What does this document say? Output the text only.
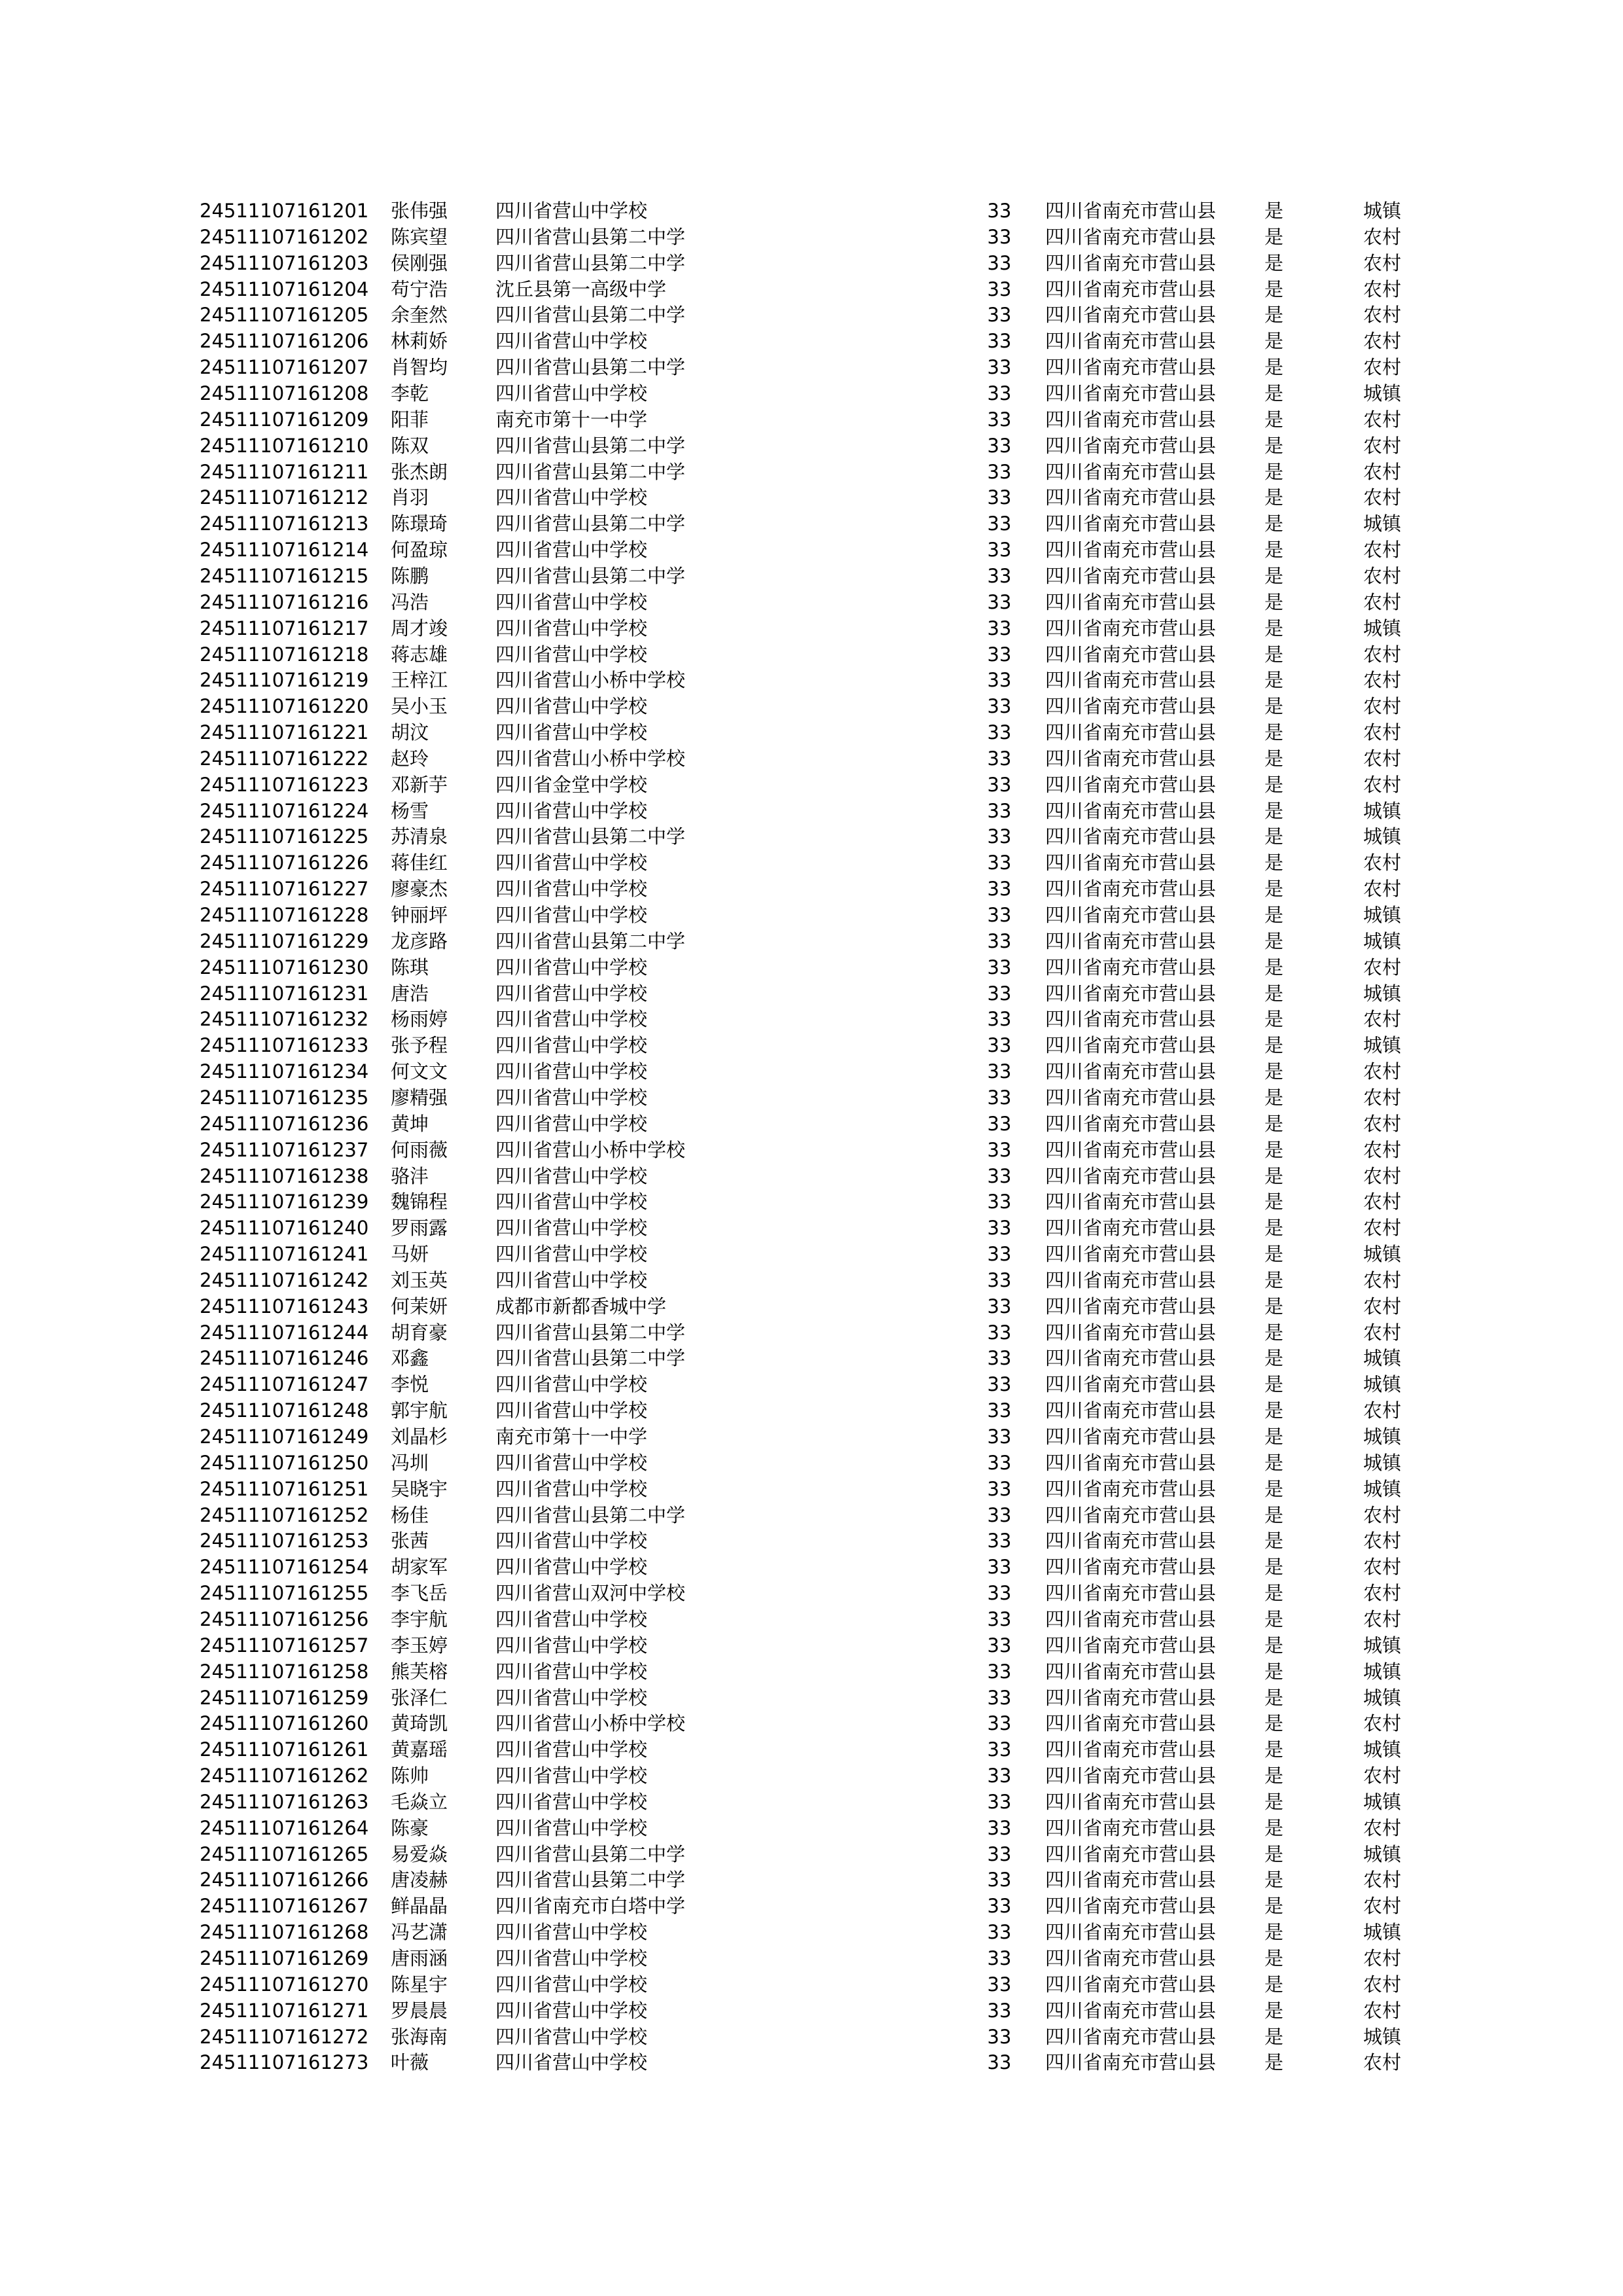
24511107161201 张伟强	四川省营山中学校	33	四川省南充市营山县	是	城镇
24511107161202 陈宾望	四川省营山县第二中学	33	四川省南充市营山县	是	农村
24511107161203 侯刚强	四川省营山县第二中学	33	四川省南充市营山县	是	农村
24511107161204 苟宁浩	沈丘县第一高级中学	33	四川省南充市营山县	是	农村
24511107161205 余奎然	四川省营山县第二中学	33	四川省南充市营山县	是	农村
24511107161206 林莉娇	四川省营山中学校	33	四川省南充市营山县	是	农村
24511107161207 肖智均	四川省营山县第二中学	33	四川省南充市营山县	是	农村
24511107161208 李乾	四川省营山中学校	33	四川省南充市营山县	是	城镇
24511107161209 阳菲	南充市第十一中学	33	四川省南充市营山县	是	农村
24511107161210 陈双	四川省营山县第二中学	33	四川省南充市营山县	是	农村
24511107161211 张杰朗	四川省营山县第二中学	33	四川省南充市营山县	是	农村
24511107161212 肖羽	四川省营山中学校	33	四川省南充市营山县	是	农村
24511107161213 陈璟琦	四川省营山县第二中学	33	四川省南充市营山县	是	城镇
24511107161214 何盈琼	四川省营山中学校	33	四川省南充市营山县	是	农村
24511107161215 陈鹏	四川省营山县第二中学	33	四川省南充市营山县	是	农村
24511107161216 冯浩	四川省营山中学校	33	四川省南充市营山县	是	农村
24511107161217 周才竣	四川省营山中学校	33	四川省南充市营山县	是	城镇
24511107161218 蒋志雄	四川省营山中学校	33	四川省南充市营山县	是	农村
24511107161219 王梓江	四川省营山小桥中学校	33	四川省南充市营山县	是	农村
24511107161220 吴小玉	四川省营山中学校	33	四川省南充市营山县	是	农村
24511107161221 胡汶	四川省营山中学校	33	四川省南充市营山县	是	农村
24511107161222 赵玲	四川省营山小桥中学校	33	四川省南充市营山县	是	农村
24511107161223 邓新芋	四川省金堂中学校	33	四川省南充市营山县	是	农村
24511107161224 杨雪	四川省营山中学校	33	四川省南充市营山县	是	城镇
24511107161225 苏清泉	四川省营山县第二中学	33	四川省南充市营山县	是	城镇
24511107161226 蒋佳红	四川省营山中学校	33	四川省南充市营山县	是	农村
24511107161227 廖豪杰	四川省营山中学校	33	四川省南充市营山县	是	农村
24511107161228 钟丽坪	四川省营山中学校	33	四川省南充市营山县	是	城镇
24511107161229 龙彦路	四川省营山县第二中学	33	四川省南充市营山县	是	城镇
24511107161230 陈琪	四川省营山中学校	33	四川省南充市营山县	是	农村
24511107161231 唐浩	四川省营山中学校	33	四川省南充市营山县	是	城镇
24511107161232 杨雨婷	四川省营山中学校	33	四川省南充市营山县	是	农村
24511107161233 张予程	四川省营山中学校	33	四川省南充市营山县	是	城镇
24511107161234 何文文	四川省营山中学校	33	四川省南充市营山县	是	农村
24511107161235 廖精强	四川省营山中学校	33	四川省南充市营山县	是	农村
24511107161236 黄坤	四川省营山中学校	33	四川省南充市营山县	是	农村
24511107161237 何雨薇	四川省营山小桥中学校	33	四川省南充市营山县	是	农村
24511107161238 骆沣	四川省营山中学校	33	四川省南充市营山县	是	农村
24511107161239 魏锦程	四川省营山中学校	33	四川省南充市营山县	是	农村
24511107161240 罗雨露	四川省营山中学校	33	四川省南充市营山县	是	农村
24511107161241 马妍	四川省营山中学校	33	四川省南充市营山县	是	城镇
24511107161242 刘玉英	四川省营山中学校	33	四川省南充市营山县	是	农村
24511107161243 何茉妍	成都市新都香城中学	33	四川省南充市营山县	是	农村
24511107161244 胡育豪	四川省营山县第二中学	33	四川省南充市营山县	是	农村
24511107161246 邓鑫	四川省营山县第二中学	33	四川省南充市营山县	是	城镇
24511107161247 李悦	四川省营山中学校	33	四川省南充市营山县	是	城镇
24511107161248 郭宇航	四川省营山中学校	33	四川省南充市营山县	是	农村
24511107161249 刘晶杉	南充市第十一中学	33	四川省南充市营山县	是	城镇
24511107161250 冯圳	四川省营山中学校	33	四川省南充市营山县	是	城镇
24511107161251 吴晓宇	四川省营山中学校	33	四川省南充市营山县	是	城镇
24511107161252 杨佳	四川省营山县第二中学	33	四川省南充市营山县	是	农村
24511107161253 张茜	四川省营山中学校	33	四川省南充市营山县	是	农村
24511107161254 胡家军	四川省营山中学校	33	四川省南充市营山县	是	农村
24511107161255 李飞岳	四川省营山双河中学校	33	四川省南充市营山县	是	农村
24511107161256 李宇航	四川省营山中学校	33	四川省南充市营山县	是	农村
24511107161257 李玉婷	四川省营山中学校	33	四川省南充市营山县	是	城镇
24511107161258 熊芙榕	四川省营山中学校	33	四川省南充市营山县	是	城镇
24511107161259 张泽仁	四川省营山中学校	33	四川省南充市营山县	是	城镇
24511107161260 黄琦凯	四川省营山小桥中学校	33	四川省南充市营山县	是	农村
24511107161261 黄嘉瑶	四川省营山中学校	33	四川省南充市营山县	是	城镇
24511107161262 陈帅	四川省营山中学校	33	四川省南充市营山县	是	农村
24511107161263 毛焱立	四川省营山中学校	33	四川省南充市营山县	是	城镇
24511107161264 陈豪	四川省营山中学校	33	四川省南充市营山县	是	农村
24511107161265 易爱焱	四川省营山县第二中学	33	四川省南充市营山县	是	城镇
24511107161266 唐凌赫	四川省营山县第二中学	33	四川省南充市营山县	是	农村
24511107161267 鲜晶晶	四川省南充市白塔中学	33	四川省南充市营山县	是	农村
24511107161268 冯艺潇	四川省营山中学校	33	四川省南充市营山县	是	城镇
24511107161269 唐雨涵	四川省营山中学校	33	四川省南充市营山县	是	农村
24511107161270 陈星宇	四川省营山中学校	33	四川省南充市营山县	是	农村
24511107161271 罗晨晨	四川省营山中学校	33	四川省南充市营山县	是	农村
24511107161272 张海南	四川省营山中学校	33	四川省南充市营山县	是	城镇
24511107161273 叶薇	四川省营山中学校	33	四川省南充市营山县	是	农村
